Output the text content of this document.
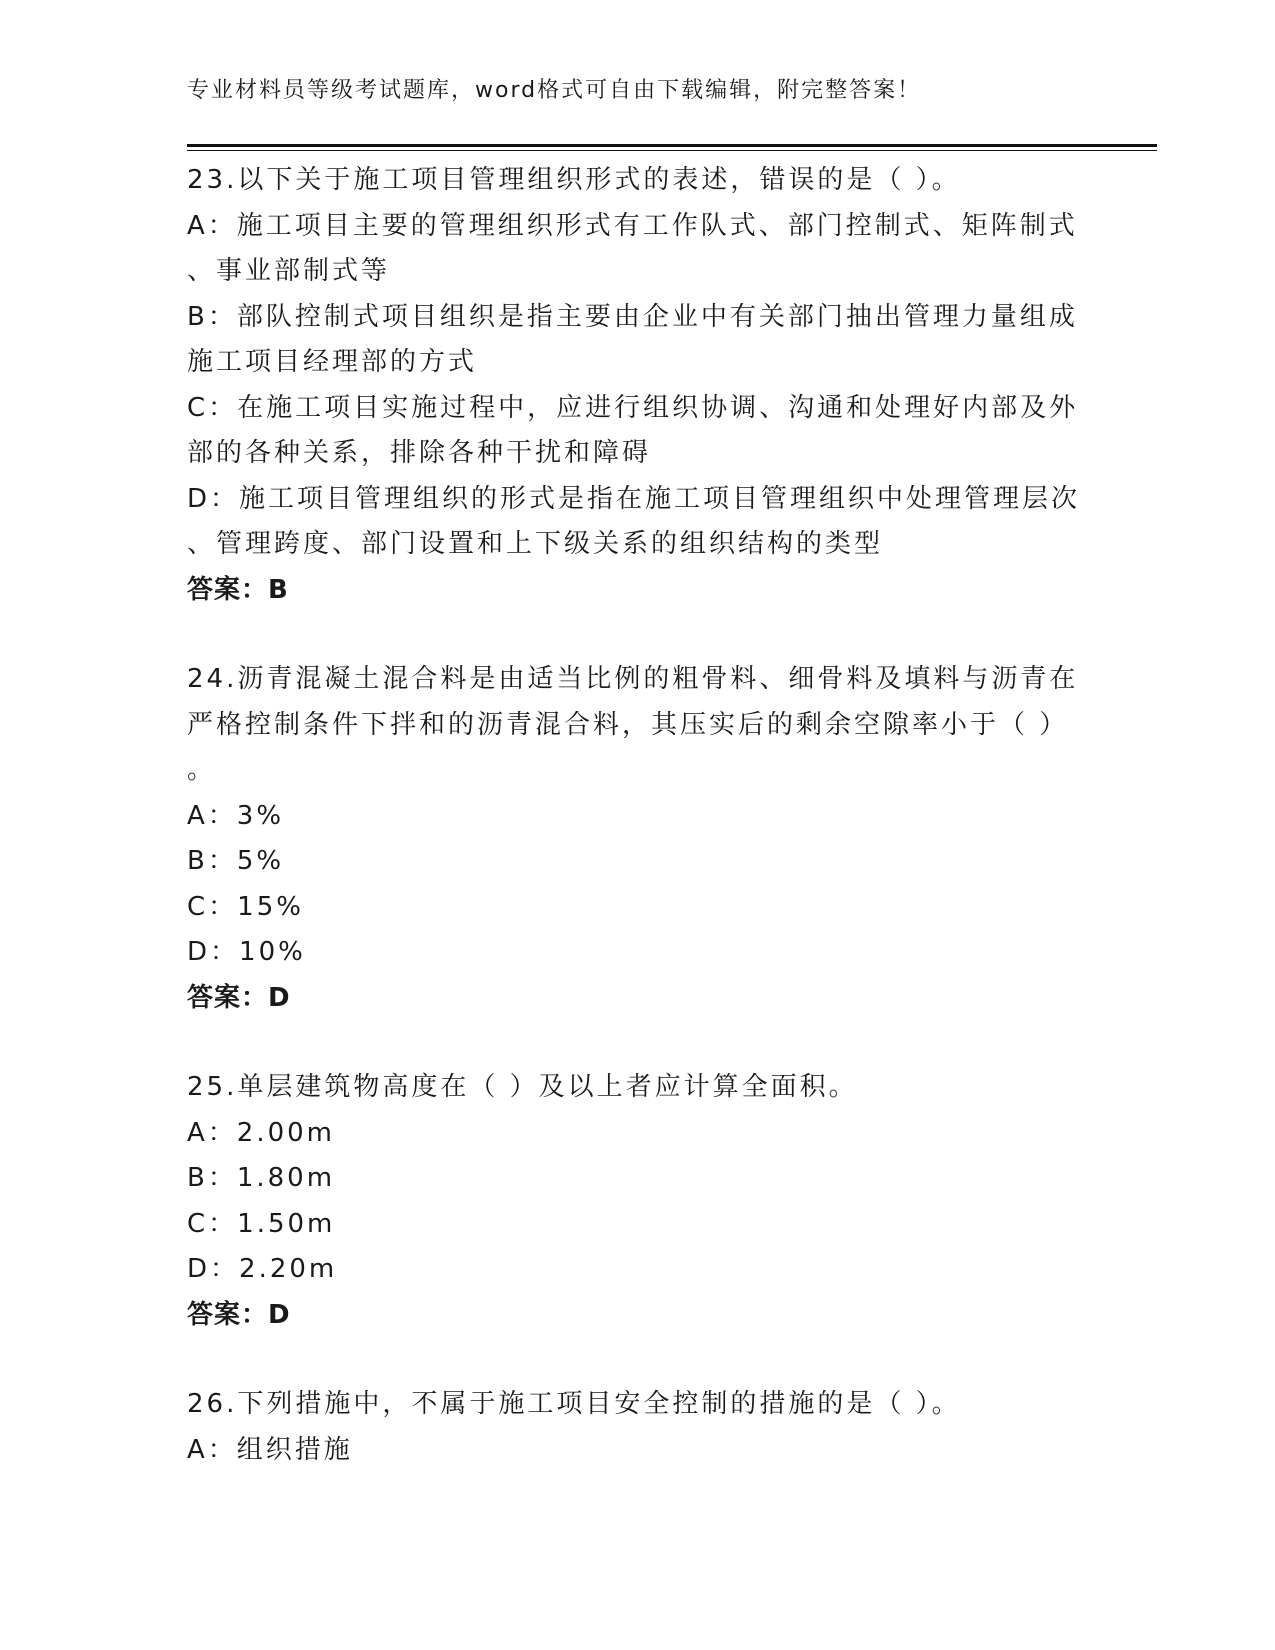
专业材料员等级考试题库，word格式可自由下载编辑，附完整答案！

23.以下关于施工项目管理组织形式的表述，错误的是（ ）。

A：施工项目主要的管理组织形式有工作队式、部门控制式、矩阵制式

、事业部制式等

B：部队控制式项目组织是指主要由企业中有关部门抽出管理力量组成

施工项目经理部的方式

C：在施工项目实施过程中，应进行组织协调、沟通和处理好内部及外

部的各种关系，排除各种干扰和障碍

D：施工项目管理组织的形式是指在施工项目管理组织中处理管理层次

、管理跨度、部门设置和上下级关系的组织结构的类型

答案：B

24.沥青混凝土混合料是由适当比例的粗骨料、细骨料及填料与沥青在

严格控制条件下拌和的沥青混合料，其压实后的剩余空隙率小于（ ）

。

A：3%

B：5%

C：15%

D：10%

答案：D

25.单层建筑物高度在（ ）及以上者应计算全面积。

A：2.00m

B：1.80m

C：1.50m

D：2.20m

答案：D

26.下列措施中，不属于施工项目安全控制的措施的是（ ）。

A：组织措施
